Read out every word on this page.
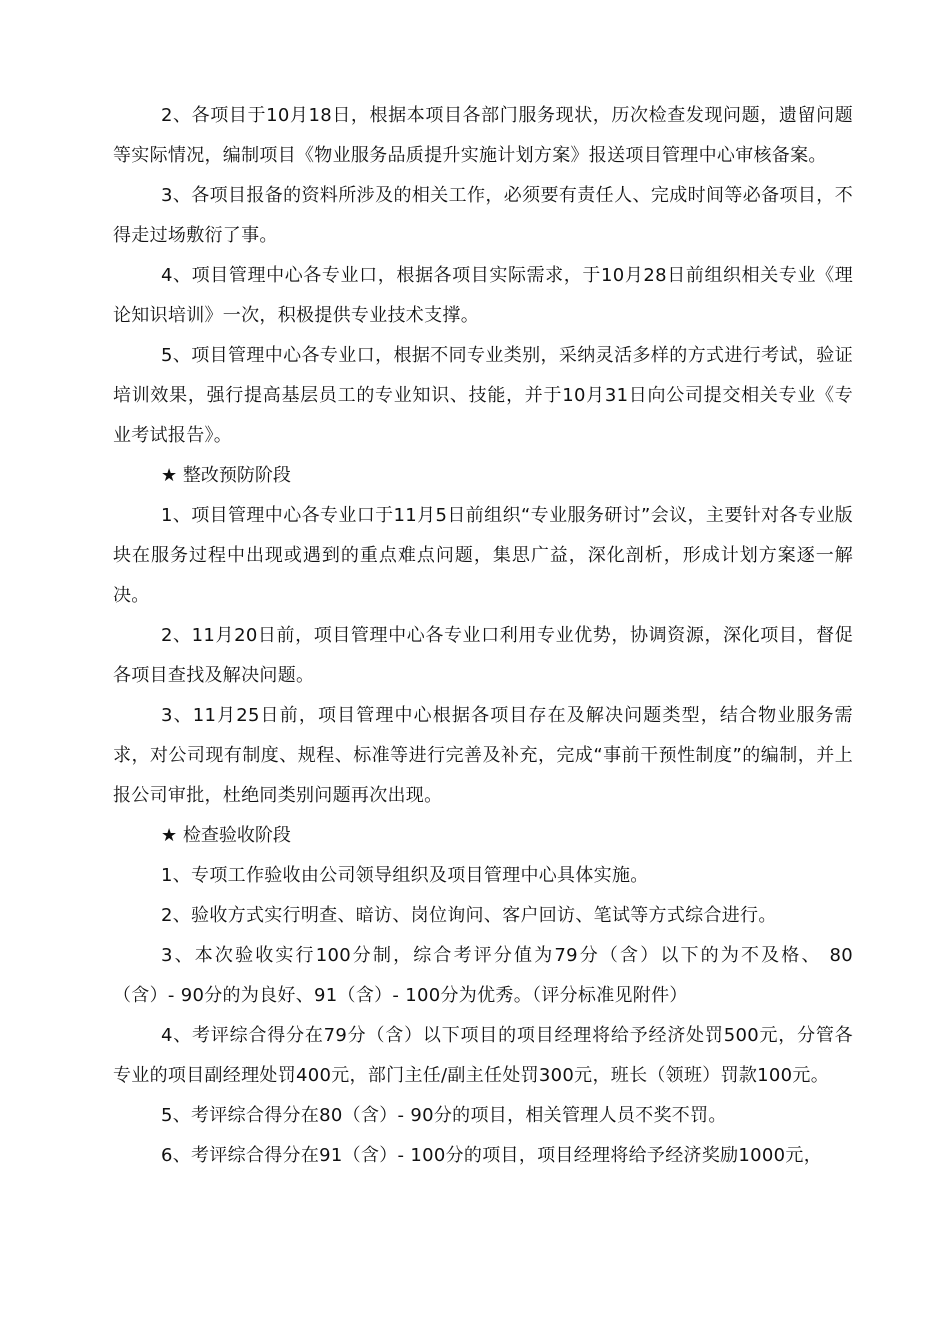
2、各项目于10月18日，根据本项目各部门服务现状，历次检查发现问题，遗留问题等实际情况，编制项目《物业服务品质提升实施计划方案》报送项目管理中心审核备案。

3、各项目报备的资料所涉及的相关工作，必须要有责任人、完成时间等必备项目，不得走过场敷衍了事。

4、项目管理中心各专业口，根据各项目实际需求，于10月28日前组织相关专业《理论知识培训》一次，积极提供专业技术支撑。

5、项目管理中心各专业口，根据不同专业类别，采纳灵活多样的方式进行考试，验证培训效果，强行提高基层员工的专业知识、技能，并于10月31日向公司提交相关专业《专业考试报告》。

★ 整改预防阶段

1、项目管理中心各专业口于11月5日前组织“专业服务研讨”会议，主要针对各专业版块在服务过程中出现或遇到的重点难点问题，集思广益，深化剖析，形成计划方案逐一解决。

2、11月20日前，项目管理中心各专业口利用专业优势，协调资源，深化项目，督促各项目查找及解决问题。

3、11月25日前，项目管理中心根据各项目存在及解决问题类型，结合物业服务需求，对公司现有制度、规程、标准等进行完善及补充，完成“事前干预性制度”的编制，并上报公司审批，杜绝同类别问题再次出现。

★ 检查验收阶段

1、专项工作验收由公司领导组织及项目管理中心具体实施。

2、验收方式实行明查、暗访、岗位询问、客户回访、笔试等方式综合进行。

3、本次验收实行100分制，综合考评分值为79分（含）以下的为不及格、 80（含）- 90分的为良好、91（含）- 100分为优秀。（评分标准见附件）

4、考评综合得分在79分（含）以下项目的项目经理将给予经济处罚500元，分管各专业的项目副经理处罚400元，部门主任/副主任处罚300元，班长（领班）罚款100元。

5、考评综合得分在80（含）- 90分的项目，相关管理人员不奖不罚。

6、考评综合得分在91（含）- 100分的项目，项目经理将给予经济奖励1000元，
